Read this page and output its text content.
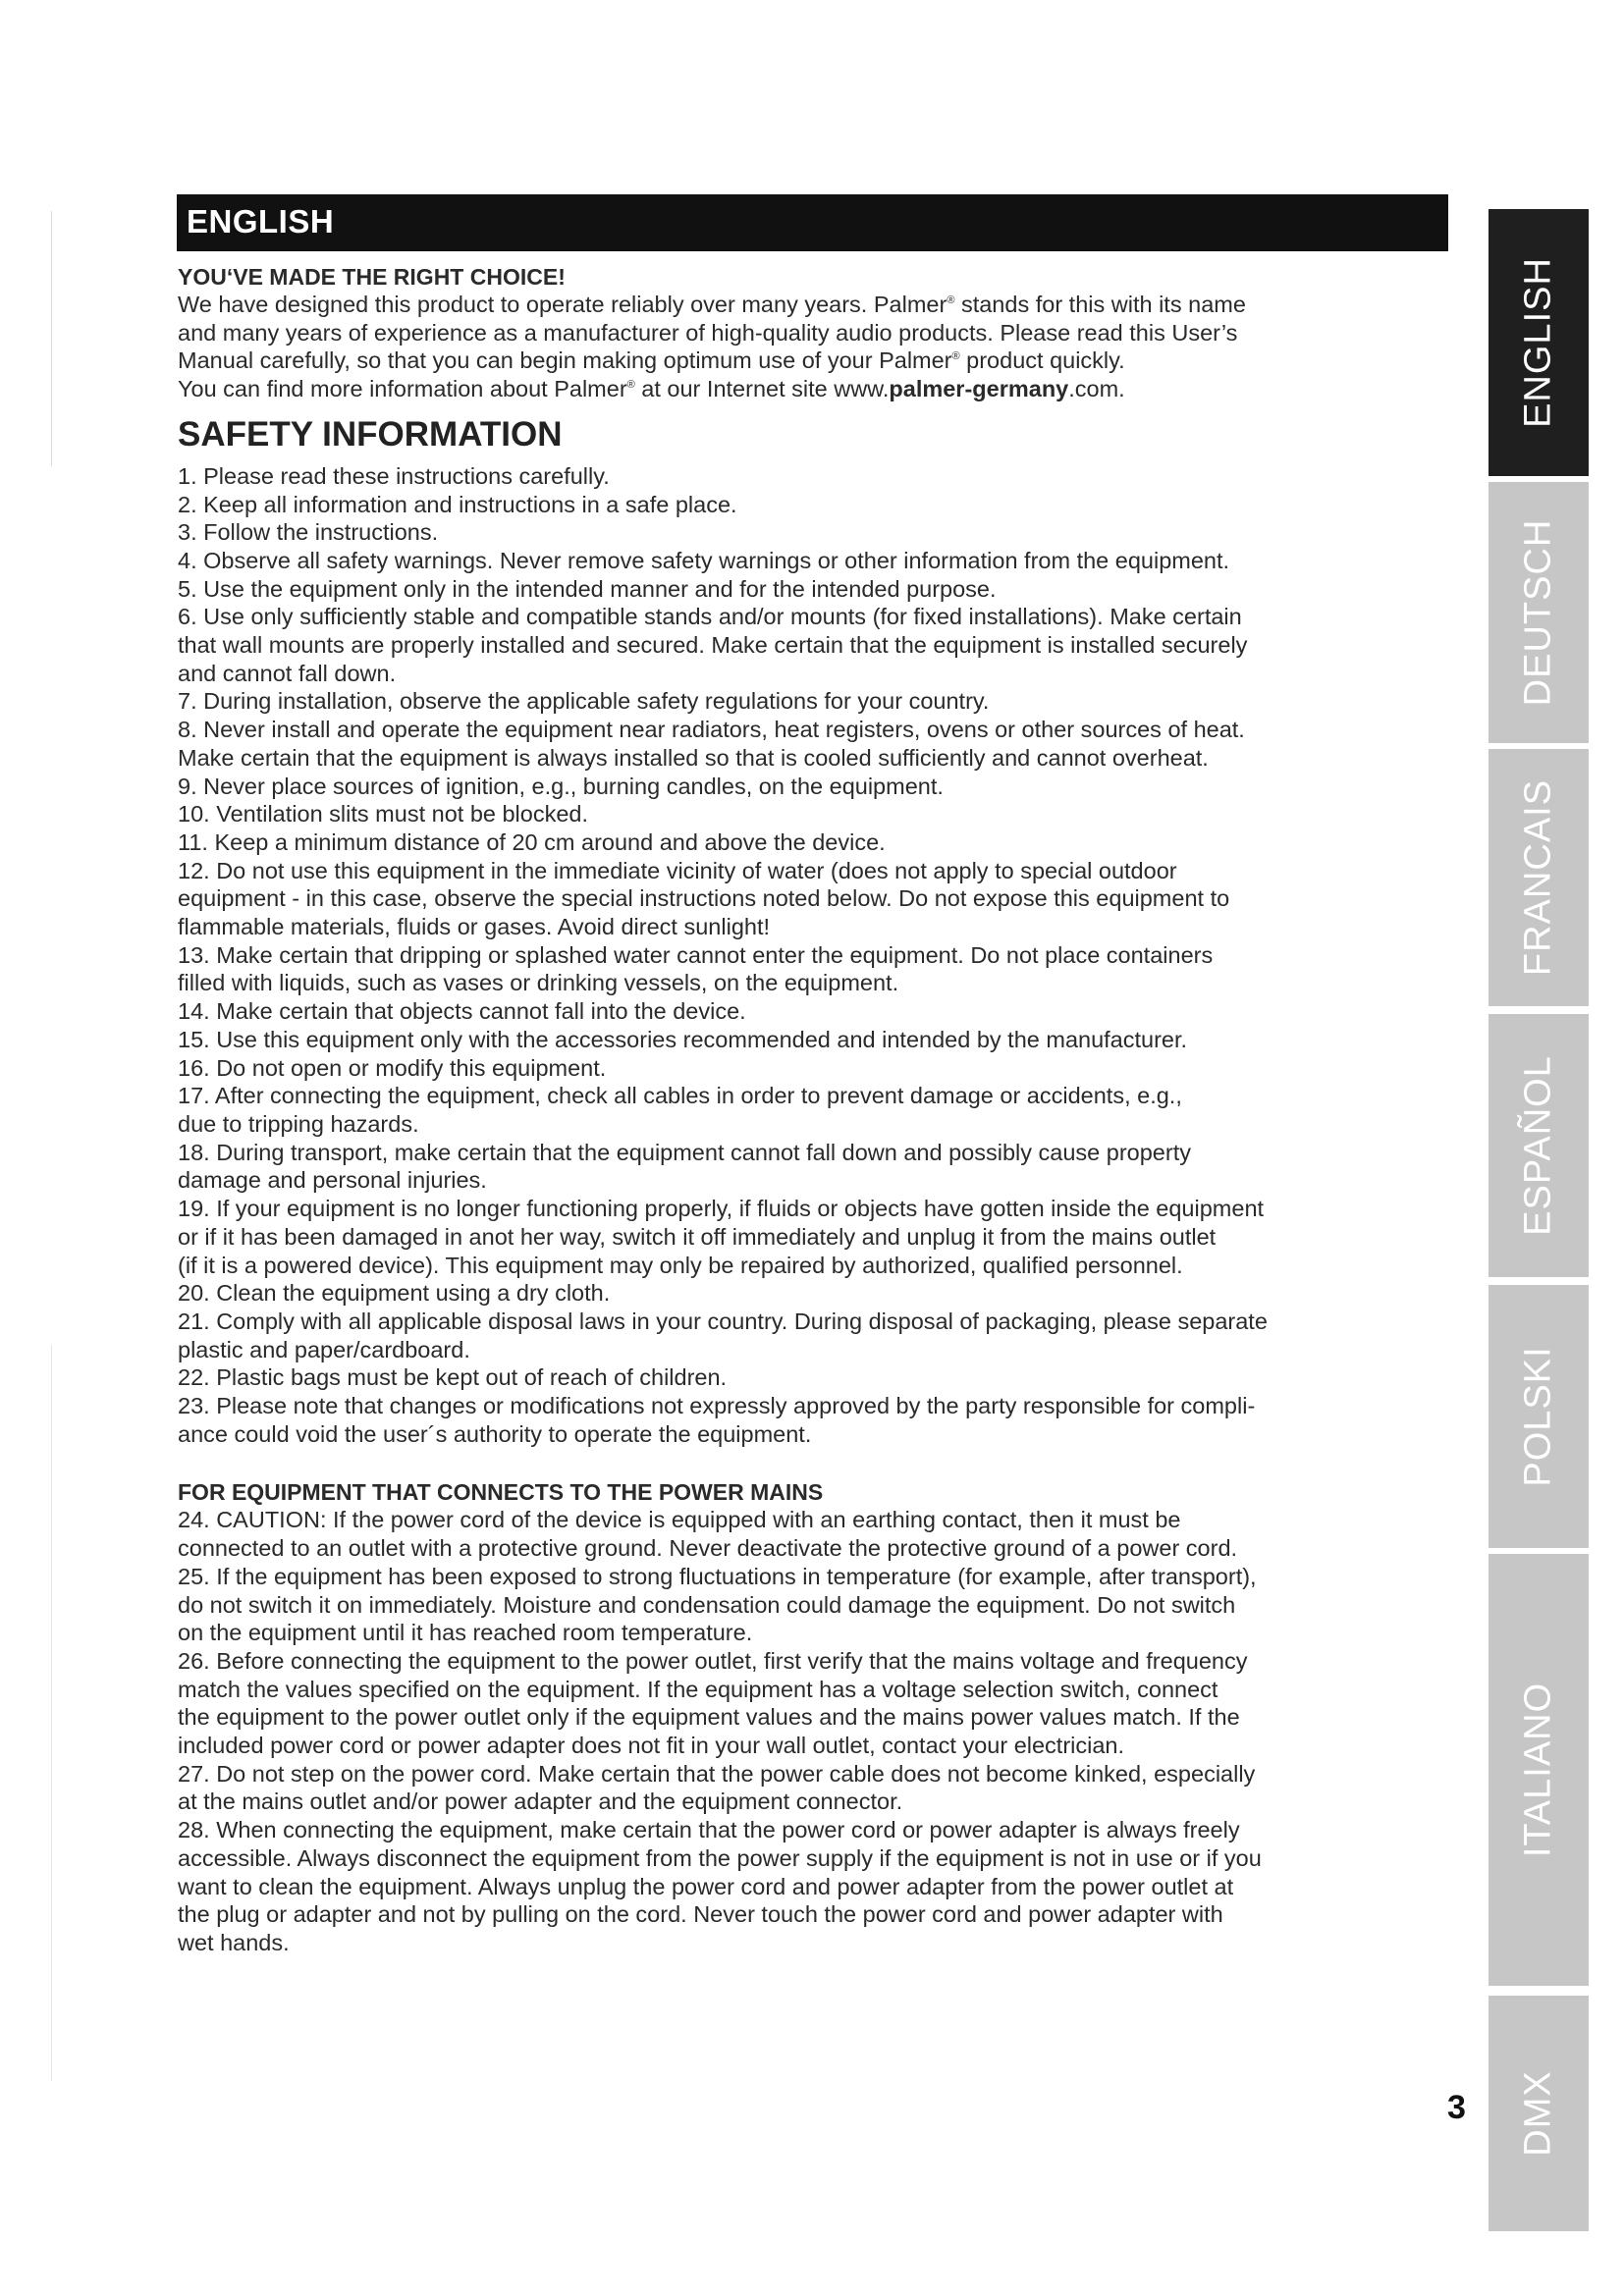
ENGLISH

YOU‘VE MADE THE RIGHT CHOICE!

We have designed this product to operate reliably over many years. Palmer® stands for this with its name
and many years of experience as a manufacturer of high-quality audio products. Please read this User’s
Manual carefully, so that you can begin making optimum use of your Palmer® product quickly.
You can find more information about Palmer® at our Internet site www.palmer-germany.com.

SAFETY INFORMATION

1. Please read these instructions carefully.

2. Keep all information and instructions in a safe place.

3. Follow the instructions.

4. Observe all safety warnings. Never remove safety warnings or other information from the equipment.

5. Use the equipment only in the intended manner and for the intended purpose.

6. Use only sufficiently stable and compatible stands and/or mounts (for fixed installations). Make certain
that wall mounts are properly installed and secured. Make certain that the equipment is installed securely
and cannot fall down.

7. During installation, observe the applicable safety regulations for your country.

8. Never install and operate the equipment near radiators, heat registers, ovens or other sources of heat.
Make certain that the equipment is always installed so that is cooled sufficiently and cannot overheat.

9. Never place sources of ignition, e.g., burning candles, on the equipment.

10. Ventilation slits must not be blocked.

11. Keep a minimum distance of 20 cm around and above the device.

12. Do not use this equipment in the immediate vicinity of water (does not apply to special outdoor
equipment - in this case, observe the special instructions noted below. Do not expose this equipment to
flammable materials, fluids or gases. Avoid direct sunlight!

13. Make certain that dripping or splashed water cannot enter the equipment. Do not place containers
filled with liquids, such as vases or drinking vessels, on the equipment.

14. Make certain that objects cannot fall into the device.

15. Use this equipment only with the accessories recommended and intended by the manufacturer.

16. Do not open or modify this equipment.

17. After connecting the equipment, check all cables in order to prevent damage or accidents, e.g.,
due to tripping hazards.

18. During transport, make certain that the equipment cannot fall down and possibly cause property
damage and personal injuries.

19. If your equipment is no longer functioning properly, if fluids or objects have gotten inside the equipment
or if it has been damaged in anot her way, switch it off immediately and unplug it from the mains outlet
(if it is a powered device). This equipment may only be repaired by authorized, qualified personnel.

20. Clean the equipment using a dry cloth.

21. Comply with all applicable disposal laws in your country. During disposal of packaging, please separate
plastic and paper/cardboard.

22. Plastic bags must be kept out of reach of children.

23. Please note that changes or modifications not expressly approved by the party responsible for compli-
ance could void the user´s authority to operate the equipment.

FOR EQUIPMENT THAT CONNECTS TO THE POWER MAINS

24. CAUTION: If the power cord of the device is equipped with an earthing contact, then it must be
connected to an outlet with a protective ground. Never deactivate the protective ground of a power cord.

25. If the equipment has been exposed to strong fluctuations in temperature (for example, after transport),
do not switch it on immediately. Moisture and condensation could damage the equipment. Do not switch
on the equipment until it has reached room temperature.

26. Before connecting the equipment to the power outlet, first verify that the mains voltage and frequency
match the values specified on the equipment. If the equipment has a voltage selection switch, connect
the equipment to the power outlet only if the equipment values and the mains power values match. If the
included power cord or power adapter does not fit in your wall outlet, contact your electrician.

27. Do not step on the power cord. Make certain that the power cable does not become kinked, especially
at the mains outlet and/or power adapter and the equipment connector.

28. When connecting the equipment, make certain that the power cord or power adapter is always freely
accessible. Always disconnect the equipment from the power supply if the equipment is not in use or if you
want to clean the equipment. Always unplug the power cord and power adapter from the power outlet at
the plug or adapter and not by pulling on the cord. Never touch the power cord and power adapter with
wet hands.

ENGLISH
DEUTSCH
ESPAÑOL
ITALIANO
DMX
FRANCAIS
POLSKI
3
